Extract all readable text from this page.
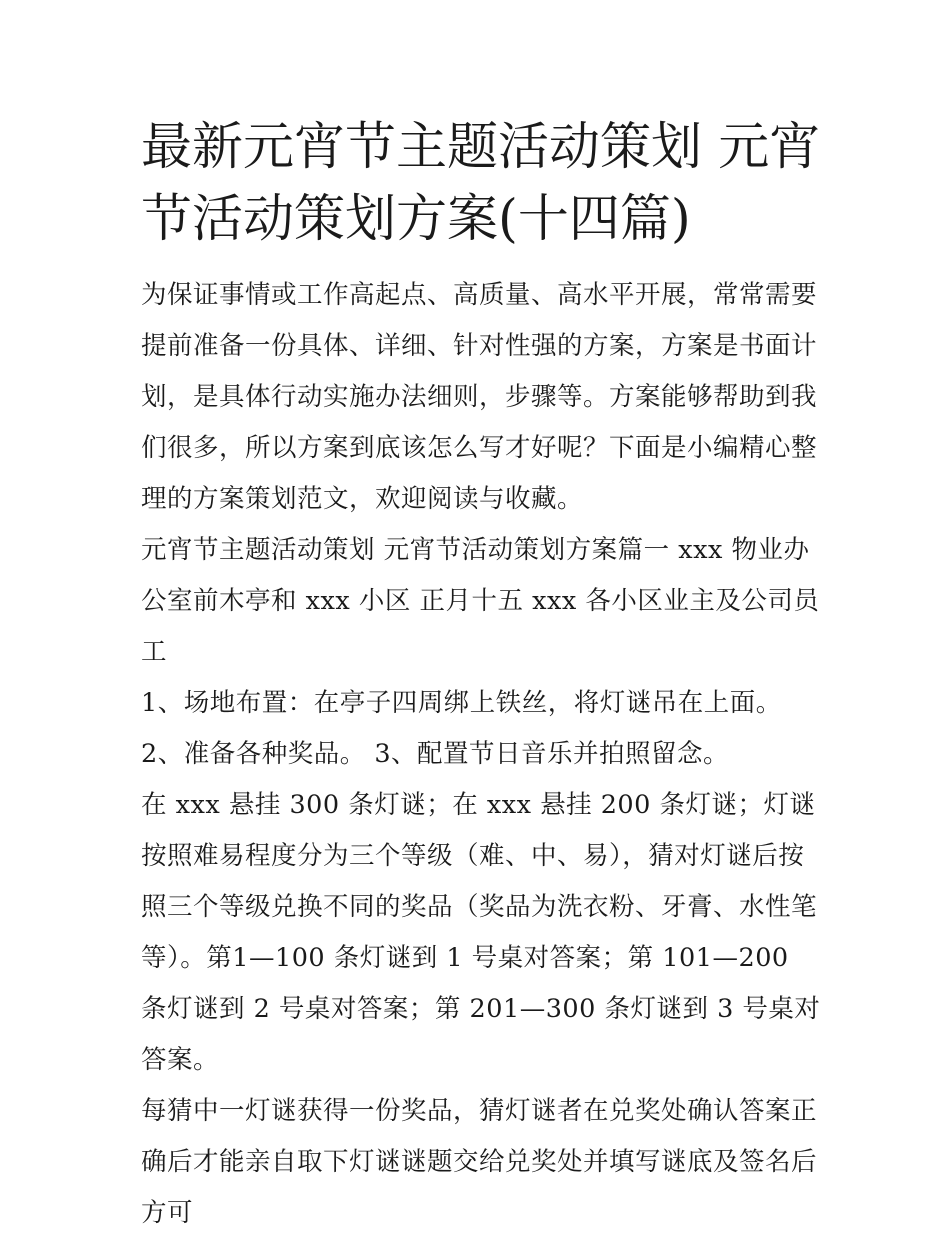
最新元宵节主题活动策划 元宵节活动策划方案(十四篇)

为保证事情或工作高起点、高质量、高水平开展，常常需要提前准备一份具体、详细、针对性强的方案，方案是书面计划，是具体行动实施办法细则，步骤等。方案能够帮助到我们很多，所以方案到底该怎么写才好呢？下面是小编精心整理的方案策划范文，欢迎阅读与收藏。

元宵节主题活动策划 元宵节活动策划方案篇一 xxx 物业办公室前木亭和 xxx 小区 正月十五 xxx 各小区业主及公司员工

1、场地布置：在亭子四周绑上铁丝，将灯谜吊在上面。 2、准备各种奖品。 3、配置节日音乐并拍照留念。

在 xxx 悬挂 300 条灯谜；在 xxx 悬挂 200 条灯谜；灯谜按照难易程度分为三个等级（难、中、易），猜对灯谜后按照三个等级兑换不同的奖品（奖品为洗衣粉、牙膏、水性笔等）。第1—100 条灯谜到 1 号桌对答案；第 101—200 条灯谜到 2 号桌对答案；第 201—300 条灯谜到 3 号桌对答案。

每猜中一灯谜获得一份奖品，猜灯谜者在兑奖处确认答案正确后才能亲自取下灯谜谜题交给兑奖处并填写谜底及签名后方可
